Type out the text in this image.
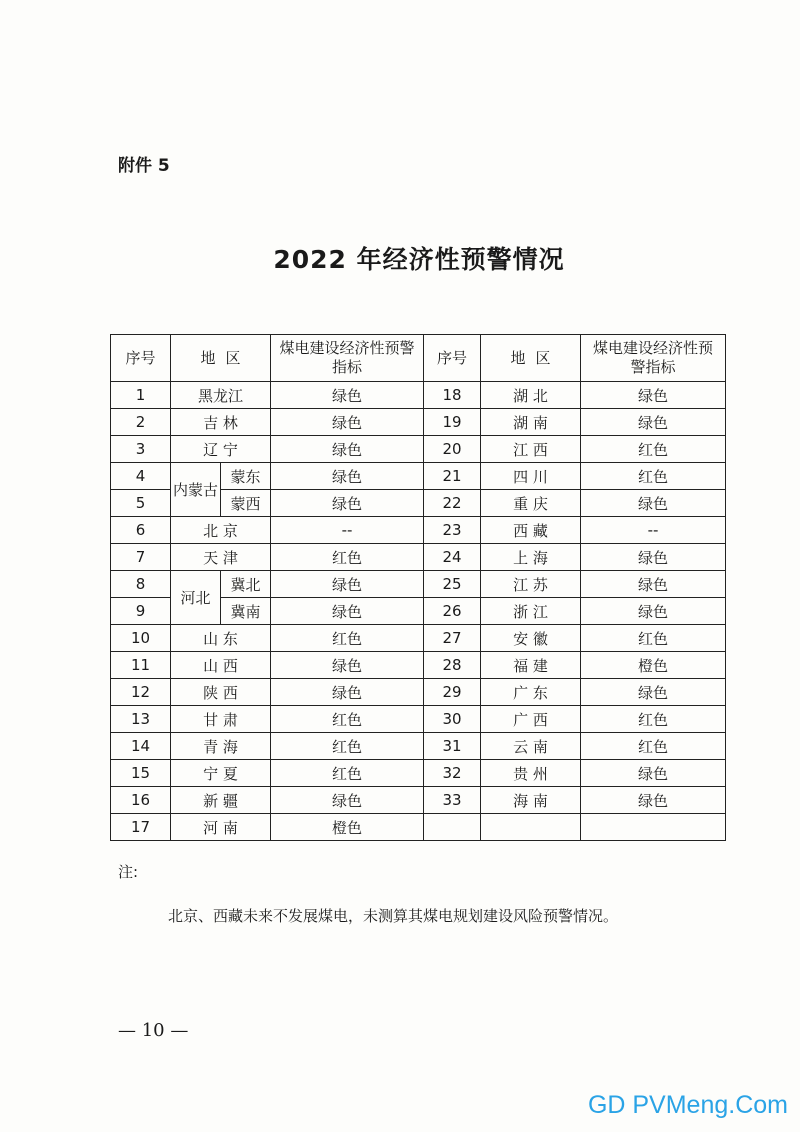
附件 5
2022 年经济性预警情况
序号	地区		煤电建设经济性预警指标	序号	地区	煤电建设经济性预警指标
1	黑龙江		绿色	18	湖 北	绿色
2	吉 林		绿色	19	湖 南	绿色
3	辽 宁		绿色	20	江 西	红色
4	内蒙古	蒙东	绿色	21	四 川	红色
5		蒙西	绿色	22	重 庆	绿色
6	北 京		--	23	西 藏	--
7	天 津		红色	24	上 海	绿色
8	河北	冀北	绿色	25	江 苏	绿色
9		冀南	绿色	26	浙 江	绿色
10	山 东		红色	27	安 徽	红色
11	山 西		绿色	28	福 建	橙色
12	陕 西		绿色	29	广 东	绿色
13	甘 肃		红色	30	广 西	红色
14	青 海		红色	31	云 南	红色
15	宁 夏		红色	32	贵 州	绿色
16	新 疆		绿色	33	海 南	绿色
17	河 南		橙色			
注:
北京、西藏未来不发展煤电，未测算其煤电规划建设风险预警情况。
— 10 —
GD PVMeng.Com
